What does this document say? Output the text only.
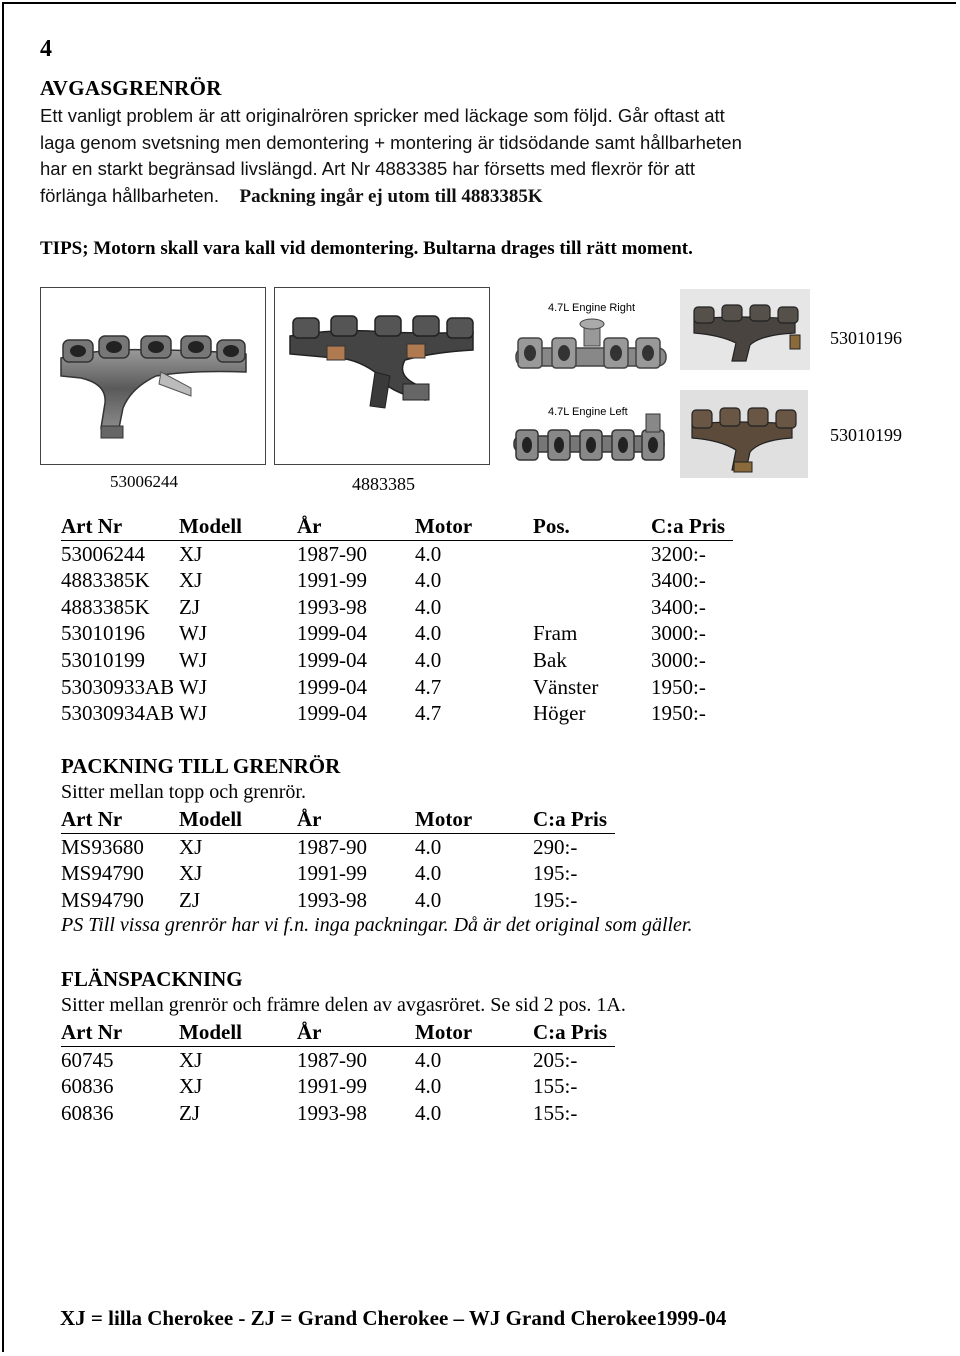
4
AVGASGRENRÖR
Ett vanligt problem är att originalrören spricker med läckage som följd. Går oftast att
laga genom svetsning men demontering + montering är tidsödande samt hållbarheten
har en starkt begränsad livslängd. Art Nr 4883385 har försetts med flexrör för att
förlänga hållbarheten. Packning ingår ej utom till 4883385K
TIPS; Motorn skall vara kall vid demontering. Bultarna drages till rätt moment.
4.7L Engine Right
4.7L Engine Left
53006244	4883385
53010196
53010199
Art Nr	Modell	År	Motor	Pos.	C:a Pris
53006244	XJ	1987-90	4.0		3200:-
4883385K	XJ	1991-99	4.0		3400:-
4883385K	ZJ	1993-98	4.0		3400:-
53010196	WJ	1999-04	4.0	Fram	3000:-
53010199	WJ	1999-04	4.0	Bak	3000:-
53030933AB	WJ	1999-04	4.7	Vänster	1950:-
53030934AB	WJ	1999-04	4.7	Höger	1950:-
PACKNING TILL GRENRÖR
Sitter mellan topp och grenrör.
Art Nr	Modell	År	Motor	C:a Pris
MS93680	XJ	1987-90	4.0	290:-
MS94790	XJ	1991-99	4.0	195:-
MS94790	ZJ	1993-98	4.0	195:-
PS Till vissa grenrör har vi f.n. inga packningar. Då är det original som gäller.
FLÄNSPACKNING
Sitter mellan grenrör och främre delen av avgasröret. Se sid 2 pos. 1A.
Art Nr	Modell	År	Motor	C:a Pris
60745	XJ	1987-90	4.0	205:-
60836	XJ	1991-99	4.0	155:-
60836	ZJ	1993-98	4.0	155:-
XJ = lilla Cherokee - ZJ = Grand Cherokee – WJ Grand Cherokee1999-04
